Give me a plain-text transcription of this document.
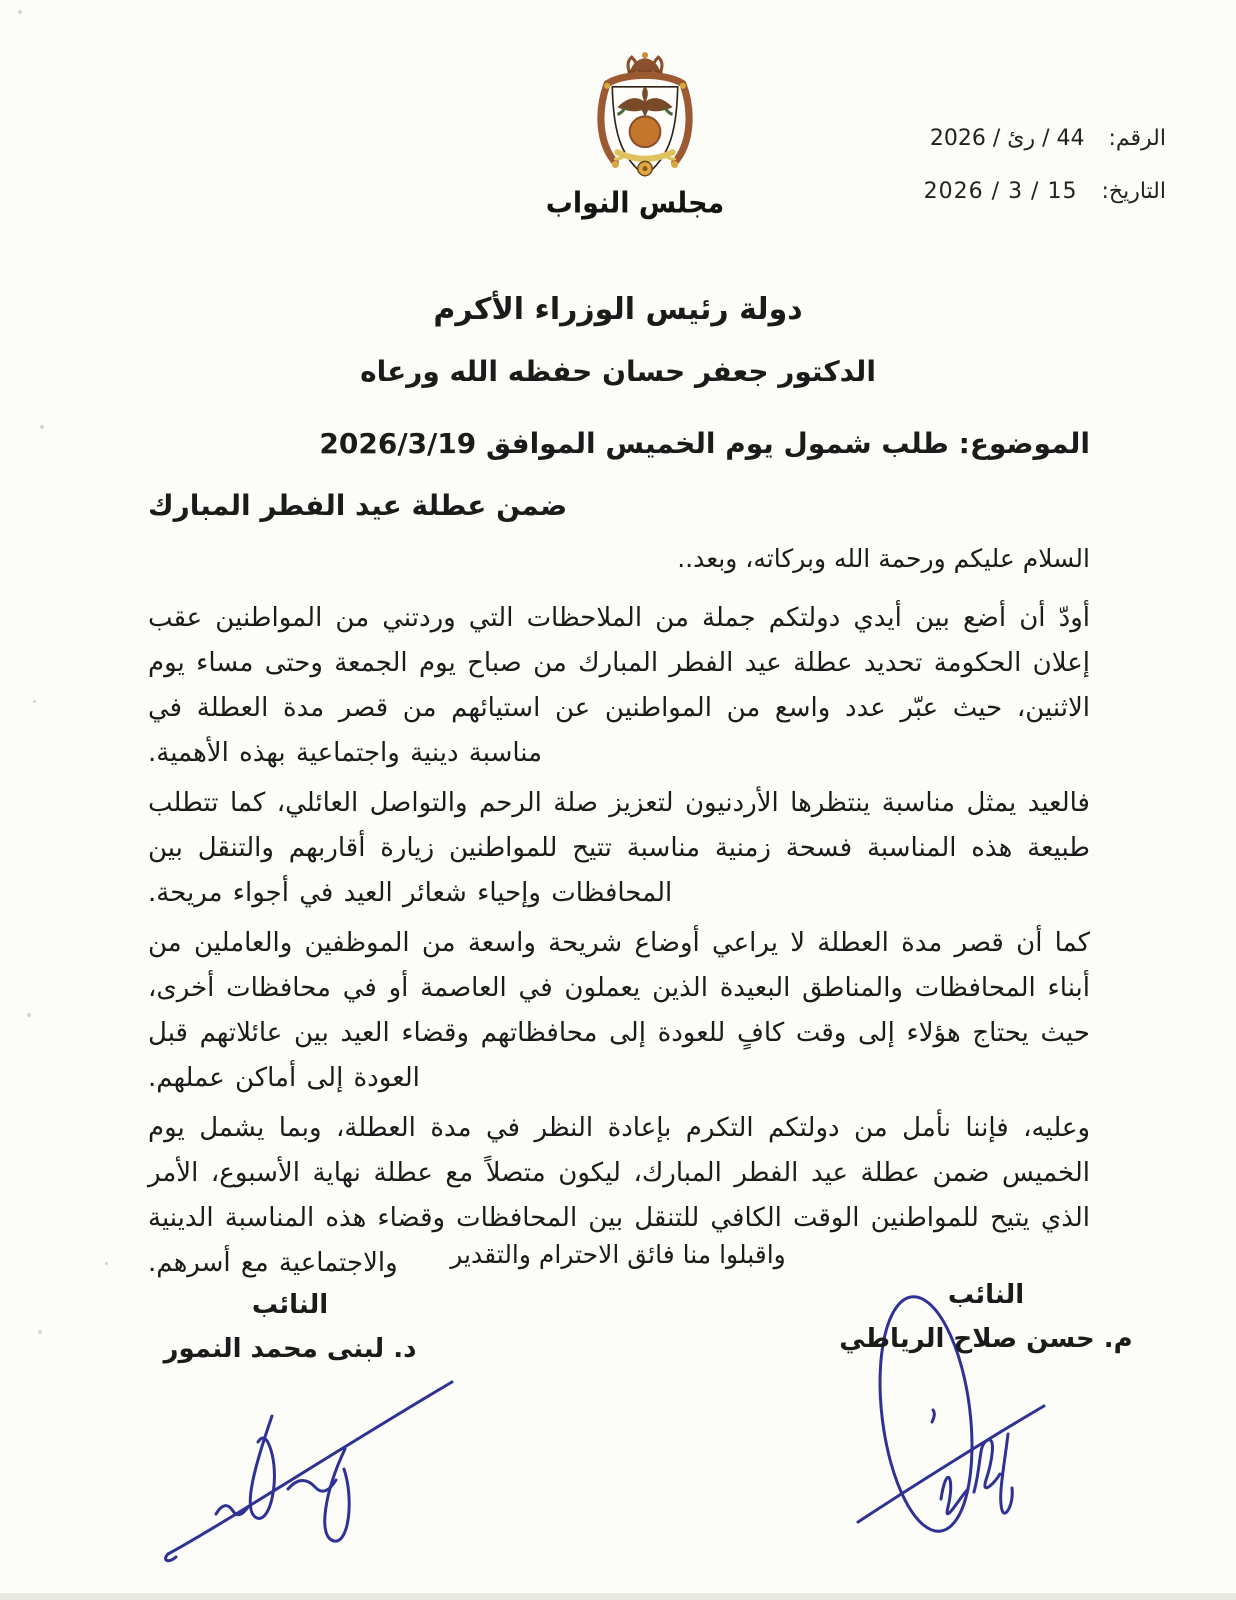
مجلس النواب
الرقم:
44 / رئ / 2026
التاريخ:
15 / 3 / 2026
دولة رئيس الوزراء الأكرم
الدكتور جعفر حسان حفظه الله ورعاه
الموضوع: طلب شمول يوم الخميس الموافق 2026/3/19
ضمن عطلة عيد الفطر المبارك
السلام عليكم ورحمة الله وبركاته، وبعد..

أودّ أن أضع بين أيدي دولتكم جملة من الملاحظات التي وردتني من المواطنين عقب إعلان الحكومة تحديد عطلة عيد الفطر المبارك من صباح يوم الجمعة وحتى مساء يوم الاثنين، حيث عبّر عدد واسع من المواطنين عن استيائهم من قصر مدة العطلة في مناسبة دينية واجتماعية بهذه الأهمية.

فالعيد يمثل مناسبة ينتظرها الأردنيون لتعزيز صلة الرحم والتواصل العائلي، كما تتطلب طبيعة هذه المناسبة فسحة زمنية مناسبة تتيح للمواطنين زيارة أقاربهم والتنقل بين المحافظات وإحياء شعائر العيد في أجواء مريحة.

كما أن قصر مدة العطلة لا يراعي أوضاع شريحة واسعة من الموظفين والعاملين من أبناء المحافظات والمناطق البعيدة الذين يعملون في العاصمة أو في محافظات أخرى، حيث يحتاج هؤلاء إلى وقت كافٍ للعودة إلى محافظاتهم وقضاء العيد بين عائلاتهم قبل العودة إلى أماكن عملهم.

وعليه، فإننا نأمل من دولتكم التكرم بإعادة النظر في مدة العطلة، وبما يشمل يوم الخميس ضمن عطلة عيد الفطر المبارك، ليكون متصلاً مع عطلة نهاية الأسبوع، الأمر الذي يتيح للمواطنين الوقت الكافي للتنقل بين المحافظات وقضاء هذه المناسبة الدينية والاجتماعية مع أسرهم.	واقبلوا منا فائق الاحترام والتقدير
النائب
م. حسن صلاح الرياطي
النائب
د. لبنى محمد النمور
